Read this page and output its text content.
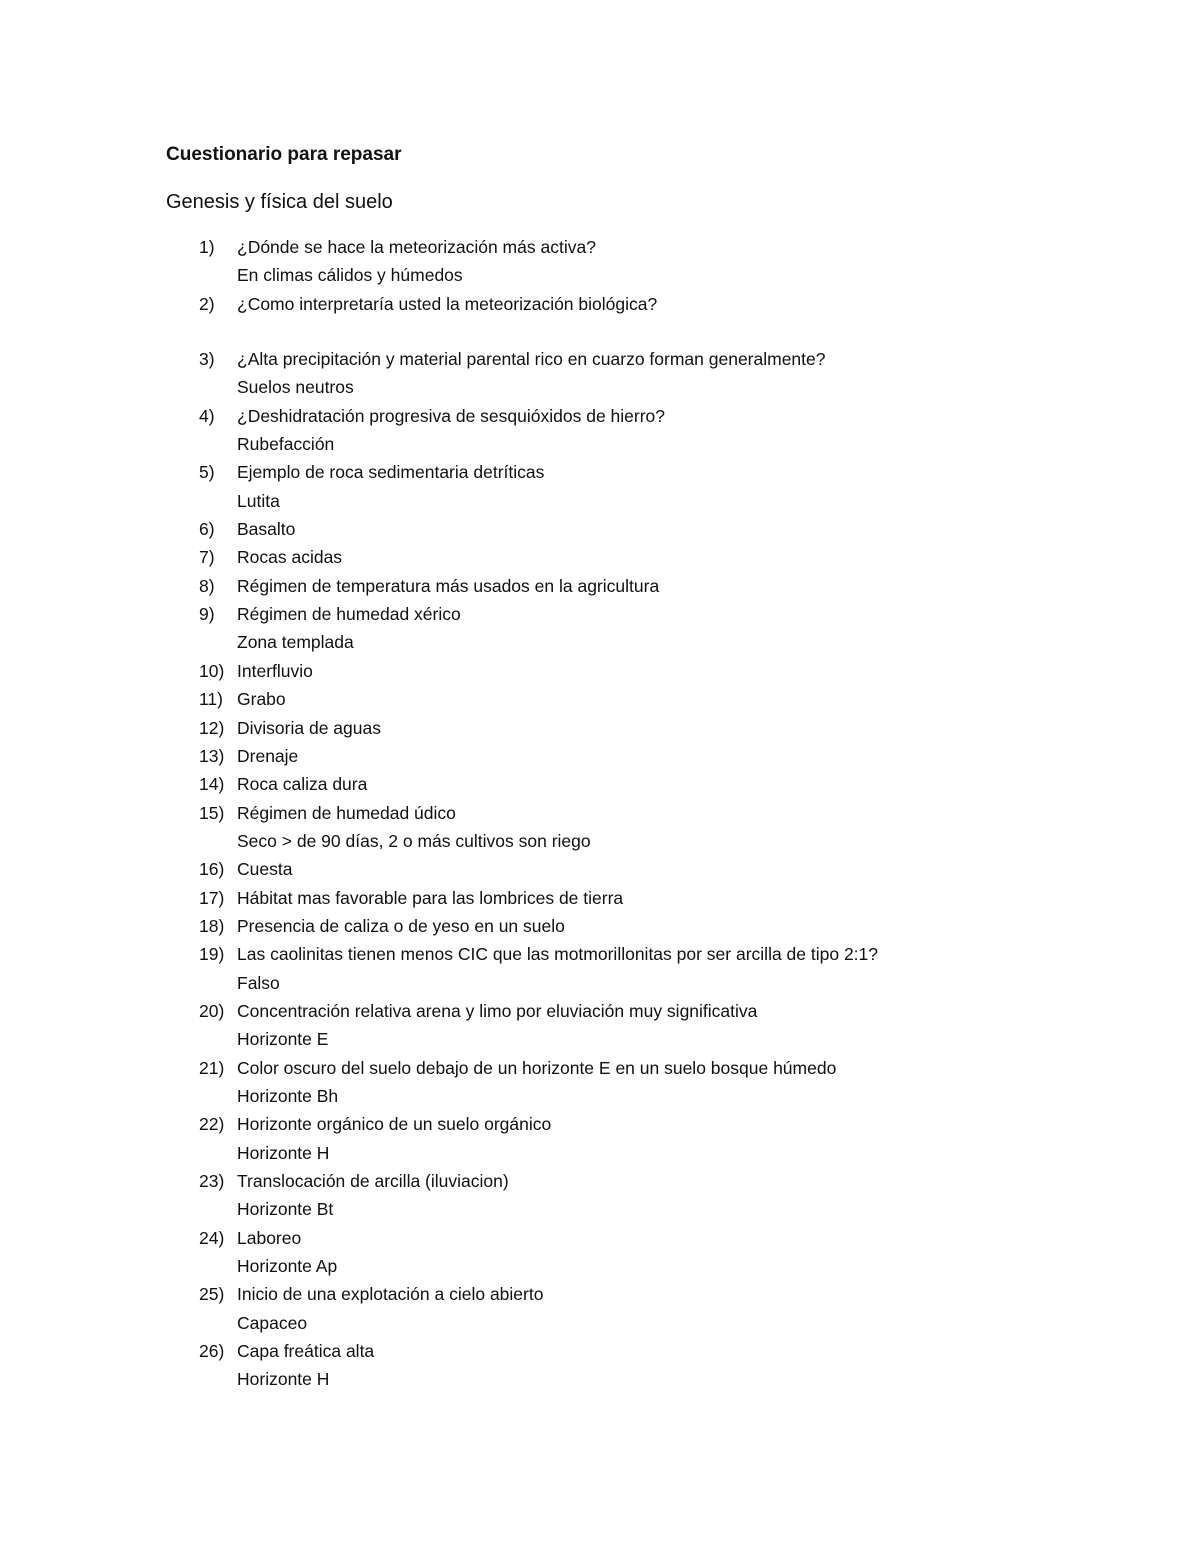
Cuestionario para repasar
Genesis y física del suelo
1)	¿Dónde se hace la meteorización más activa?
En climas cálidos y húmedos
2)	¿Como interpretaría usted la meteorización biológica?
3)	¿Alta precipitación y material parental rico en cuarzo forman generalmente?
Suelos neutros
4)	¿Deshidratación progresiva de sesquióxidos de hierro?
Rubefacción
5)	Ejemplo de roca sedimentaria detríticas
Lutita
6)	Basalto
7)	Rocas acidas
8)	Régimen de temperatura más usados en la agricultura
9)	Régimen de humedad xérico
Zona templada
10) Interfluvio
11) Grabo
12) Divisoria de aguas
13) Drenaje
14) Roca caliza dura
15) Régimen de humedad údico
Seco > de 90 días, 2 o más cultivos son riego
16) Cuesta
17) Hábitat mas favorable para las lombrices de tierra
18) Presencia de caliza o de yeso en un suelo
19) Las caolinitas tienen menos CIC que las motmorillonitas por ser arcilla de tipo 2:1?
Falso
20) Concentración relativa arena y limo por eluviación muy significativa
Horizonte E
21) Color oscuro del suelo debajo de un horizonte E en un suelo bosque húmedo
Horizonte Bh
22) Horizonte orgánico de un suelo orgánico
Horizonte H
23) Translocación de arcilla (iluviacion)
Horizonte Bt
24) Laboreo
Horizonte Ap
25) Inicio de una explotación a cielo abierto
Capaceo
26) Capa freática alta
Horizonte H
